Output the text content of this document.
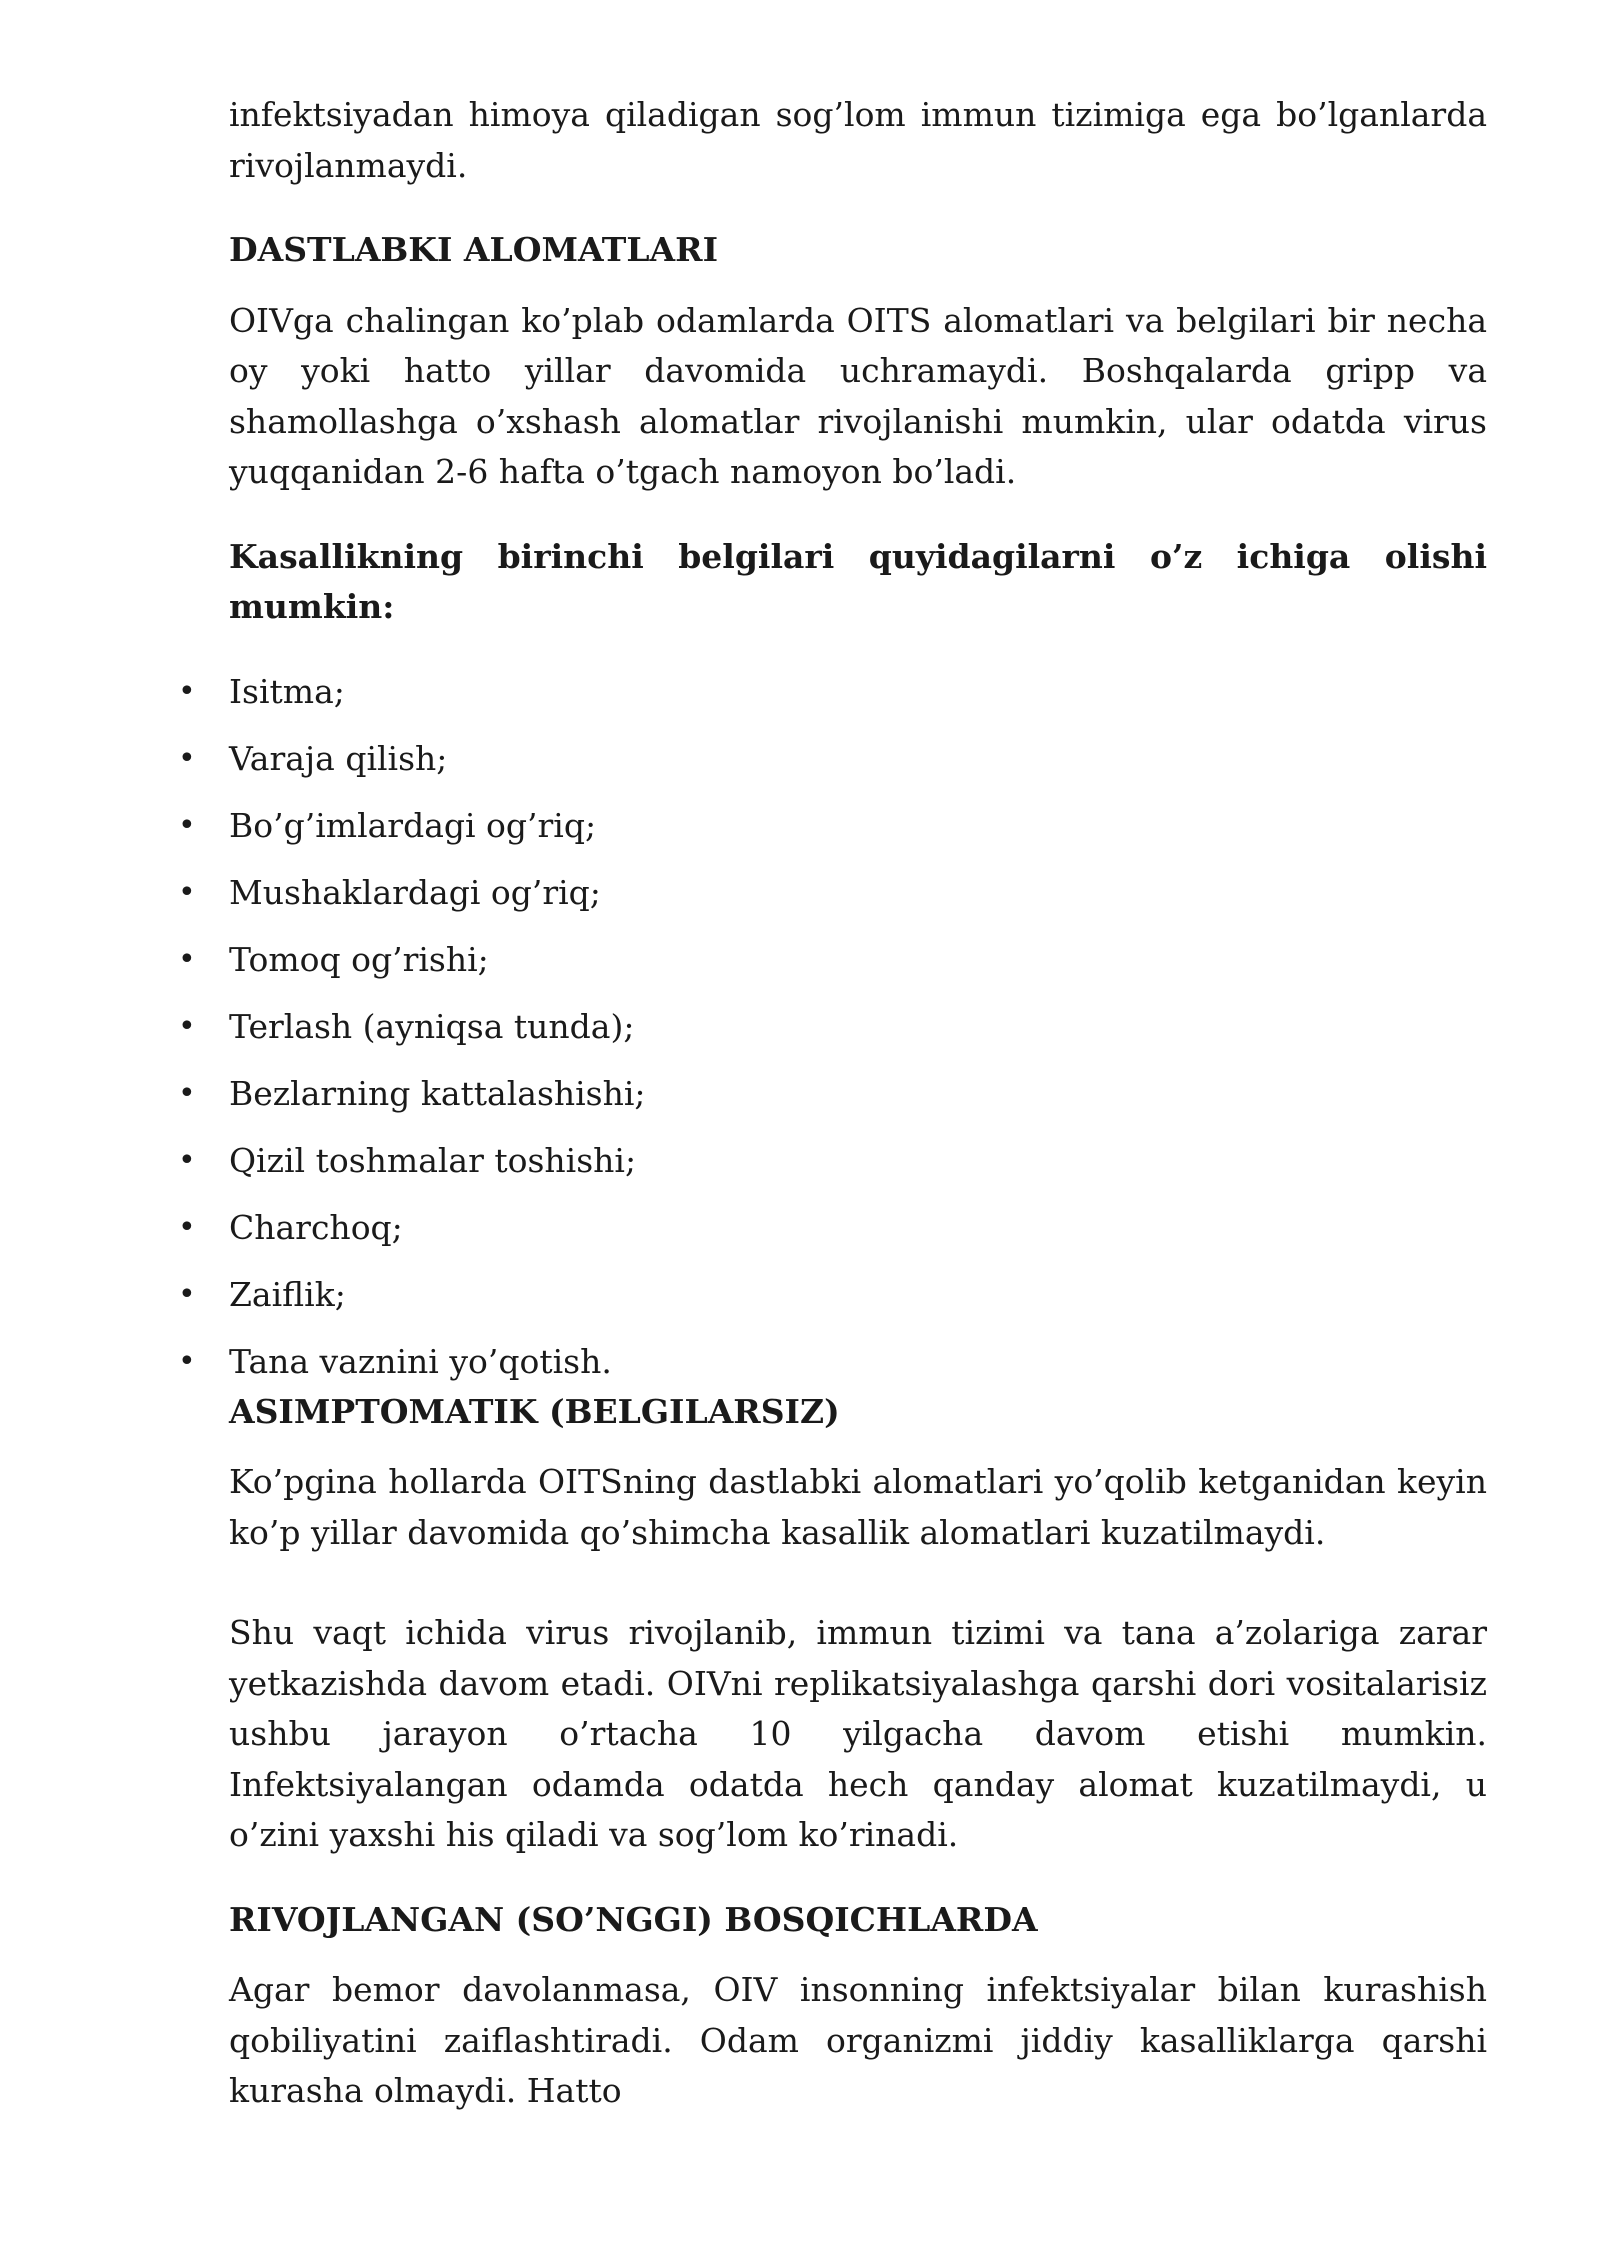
infektsiyadan himoya qiladigan sog’lom immun tizimiga ega bo’lganlarda rivojlanmaydi.

DASTLABKI ALOMATLARI

OIVga chalingan ko’plab odamlarda OITS alomatlari va belgilari bir necha oy yoki hatto yillar davomida uchramaydi. Boshqalarda gripp va shamollashga o’xshash alomatlar rivojlanishi mumkin, ular odatda virus yuqqanidan 2-6 hafta o’tgach namoyon bo’ladi.

Kasallikning birinchi belgilari quyidagilarni o’z ichiga olishi mumkin:

• Isitma;
• Varaja qilish;
• Bo’g’imlardagi og’riq;
• Mushaklardagi og’riq;
• Tomoq og’rishi;
• Terlash (ayniqsa tunda);
• Bezlarning kattalashishi;
• Qizil toshmalar toshishi;
• Charchoq;
• Zaiflik;
• Tana vaznini yo’qotish.
ASIMPTOMATIK (BELGILARSIZ)

Ko’pgina hollarda OITSning dastlabki alomatlari yo’qolib ketganidan keyin ko’p yillar davomida qo’shimcha kasallik alomatlari kuzatilmaydi.

Shu vaqt ichida virus rivojlanib, immun tizimi va tana a’zolariga zarar yetkazishda davom etadi. OIVni replikatsiyalashga qarshi dori vositalarisiz ushbu jarayon o’rtacha 10 yilgacha davom etishi mumkin. Infektsiyalangan odamda odatda hech qanday alomat kuzatilmaydi, u o’zini yaxshi his qiladi va sog’lom ko’rinadi.

RIVOJLANGAN (SO’NGGI) BOSQICHLARDA

Agar bemor davolanmasa, OIV insonning infektsiyalar bilan kurashish qobiliyatini zaiflashtiradi. Odam organizmi jiddiy kasalliklarga qarshi kurasha olmaydi. Hatto
